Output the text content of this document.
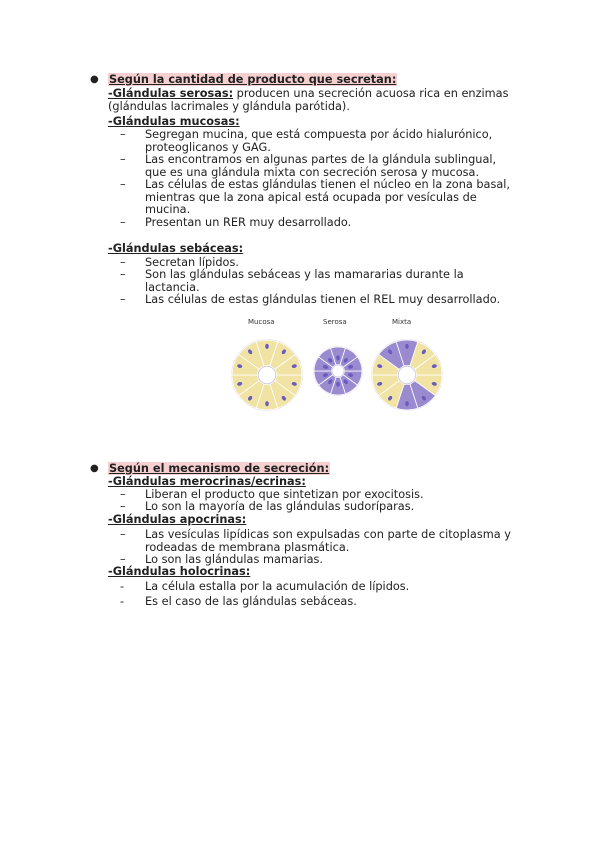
● Según la cantidad de producto que secretan:
-Glándulas serosas: producen una secreción acuosa rica en enzimas
(glándulas lacrimales y glándula parótida).
-Glándulas mucosas:
– Segregan mucina, que está compuesta por ácido hialurónico, proteoglicanos y GAG.
– Las encontramos en algunas partes de la glándula sublingual, que es una glándula mixta con secreción serosa y mucosa.
– Las células de estas glándulas tienen el núcleo en la zona basal, mientras que la zona apical está ocupada por vesículas de mucina.
– Presentan un RER muy desarrollado.
-Glándulas sebáceas:
– Secretan lípidos.
– Son las glándulas sebáceas y las mamararias durante la lactancia.
– Las células de estas glándulas tienen el REL muy desarrollado.
Mucosa	Serosa	Mixta
● Según el mecanismo de secreción:
-Glándulas merocrinas/ecrinas:
– Liberan el producto que sintetizan por exocitosis.
– Lo son la mayoría de las glándulas sudoríparas.
-Glándulas apocrinas:
– Las vesículas lipídicas son expulsadas con parte de citoplasma y rodeadas de membrana plasmática.
– Lo son las glándulas mamarias.
-Glándulas holocrinas:
- La célula estalla por la acumulación de lípidos.
- Es el caso de las glándulas sebáceas.
